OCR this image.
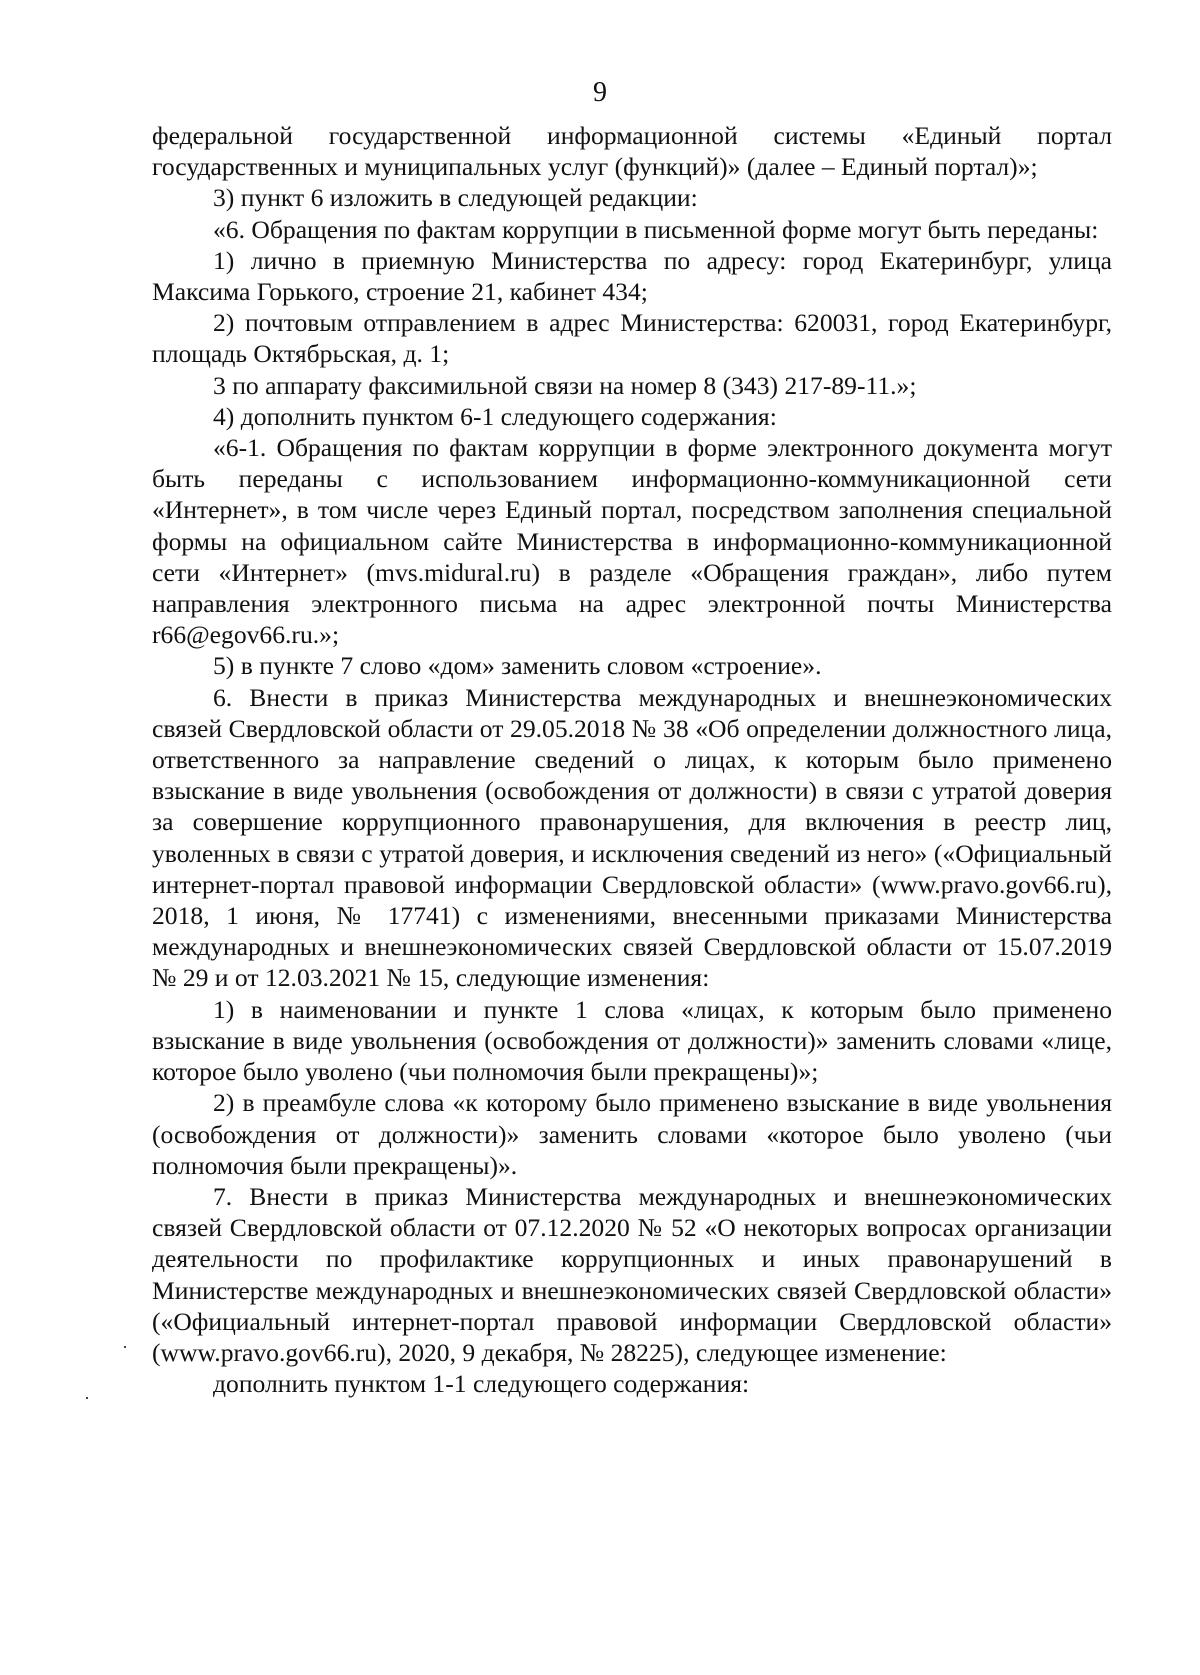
9

федеральной государственной информационной системы «Единый портал государственных и муниципальных услуг (функций)» (далее – Единый портал)»;

3) пункт 6 изложить в следующей редакции:

«6. Обращения по фактам коррупции в письменной форме могут быть переданы:

1) лично в приемную Министерства по адресу: город Екатеринбург, улица Максима Горького, строение 21, кабинет 434;

2) почтовым отправлением в адрес Министерства: 620031, город Екатеринбург, площадь Октябрьская, д. 1;

3 по аппарату факсимильной связи на номер 8 (343) 217-89-11.»;

4) дополнить пунктом 6-1 следующего содержания:

«6-1. Обращения по фактам коррупции в форме электронного документа могут быть переданы с использованием информационно-коммуникационной сети «Интернет», в том числе через Единый портал, посредством заполнения специальной формы на официальном сайте Министерства в информационно-коммуникационной сети «Интернет» (mvs.midural.ru) в разделе «Обращения граждан», либо путем направления электронного письма на адрес электронной почты Министерства r66@egov66.ru.»;

5) в пункте 7 слово «дом» заменить словом «строение».

6. Внести в приказ Министерства международных и внешнеэкономических связей Свердловской области от 29.05.2018 № 38 «Об определении должностного лица, ответственного за направление сведений о лицах, к которым было применено взыскание в виде увольнения (освобождения от должности) в связи с утратой доверия за совершение коррупционного правонарушения, для включения в реестр лиц, уволенных в связи с утратой доверия, и исключения сведений из него» («Официальный интернет-портал правовой информации Свердловской области» (www.pravo.gov66.ru), 2018, 1 июня, № 17741) с изменениями, внесенными приказами Министерства международных и внешнеэкономических связей Свердловской области от 15.07.2019 № 29 и от 12.03.2021 № 15, следующие изменения:

1) в наименовании и пункте 1 слова «лицах, к которым было применено взыскание в виде увольнения (освобождения от должности)» заменить словами «лице, которое было уволено (чьи полномочия были прекращены)»;

2) в преамбуле слова «к которому было применено взыскание в виде увольнения (освобождения от должности)» заменить словами «которое было уволено (чьи полномочия были прекращены)».

7. Внести в приказ Министерства международных и внешнеэкономических связей Свердловской области от 07.12.2020 № 52 «О некоторых вопросах организации деятельности по профилактике коррупционных и иных правонарушений в Министерстве международных и внешнеэкономических связей Свердловской области» («Официальный интернет-портал правовой информации Свердловской области» (www.pravo.gov66.ru), 2020, 9 декабря, № 28225), следующее изменение:

дополнить пунктом 1-1 следующего содержания:
